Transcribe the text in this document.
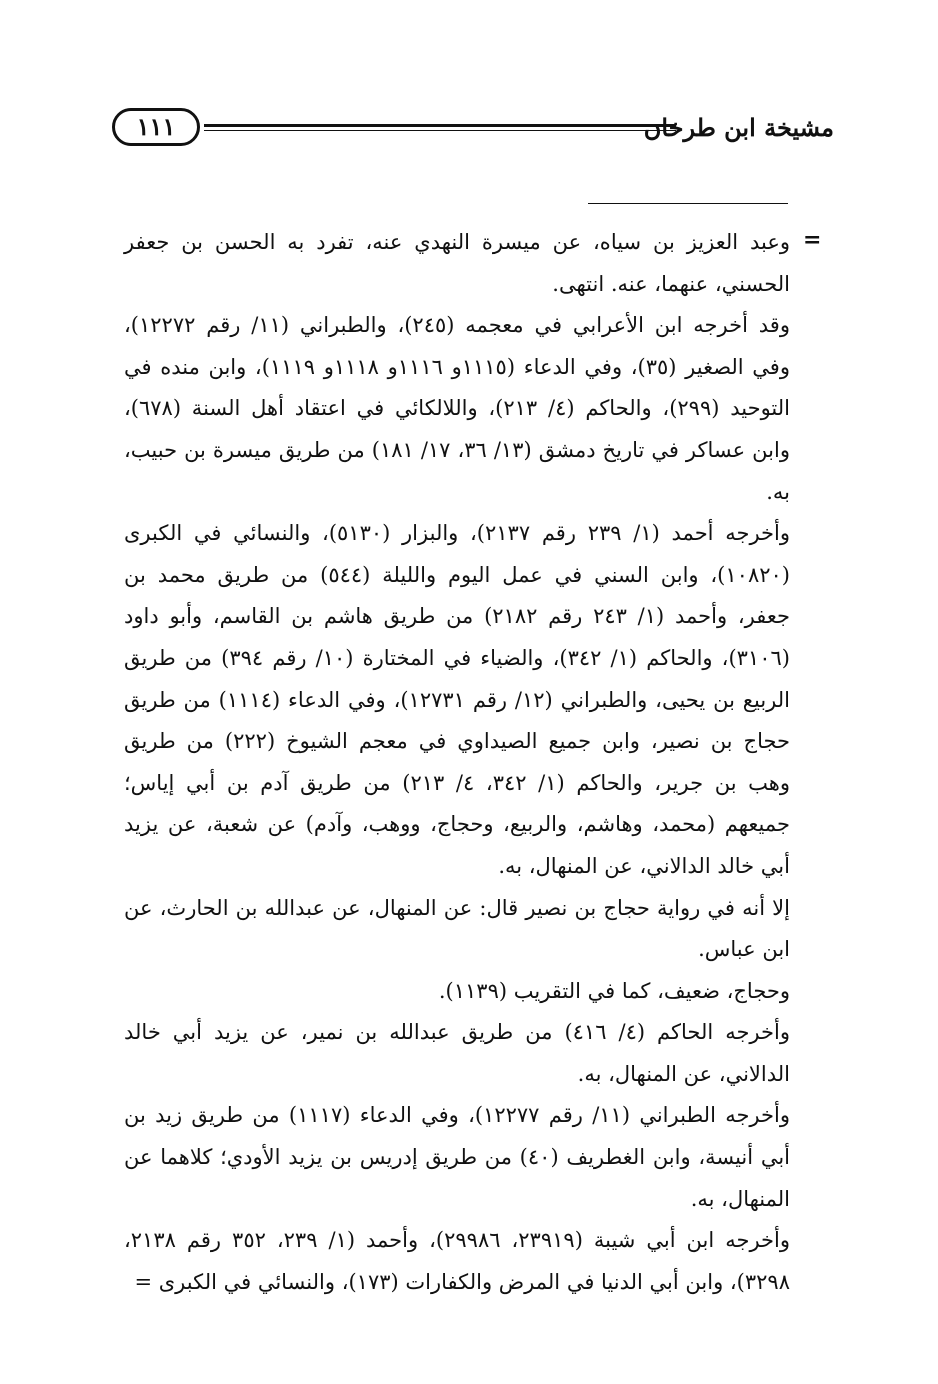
مشيخة ابن طرخان
١١١
=

وعبد العزيز بن سياه، عن ميسرة النهدي عنه، تفرد به الحسن بن جعفر الحسني، عنهما، عنه. انتهى.

وقد أخرجه ابن الأعرابي في معجمه (٢٤٥)، والطبراني (١١/ رقم ١٢٢٧٢)، وفي الصغير (٣٥)، وفي الدعاء (١١١٥و ١١١٦و ١١١٨و ١١١٩)، وابن منده في التوحيد (٢٩٩)، والحاكم (٤/ ٢١٣)، واللالكائي في اعتقاد أهل السنة (٦٧٨)، وابن عساكر في تاريخ دمشق (١٣/ ٣٦، ١٧/ ١٨١) من طريق ميسرة بن حبيب، به.

وأخرجه أحمد (١/ ٢٣٩ رقم ٢١٣٧)، والبزار (٥١٣٠)، والنسائي في الكبرى (١٠٨٢٠)، وابن السني في عمل اليوم والليلة (٥٤٤) من طريق محمد بن جعفر، وأحمد (١/ ٢٤٣ رقم ٢١٨٢) من طريق هاشم بن القاسم، وأبو داود (٣١٠٦)، والحاكم (١/ ٣٤٢)، والضياء في المختارة (١٠/ رقم ٣٩٤) من طريق الربيع بن يحيى، والطبراني (١٢/ رقم ١٢٧٣١)، وفي الدعاء (١١١٤) من طريق حجاج بن نصير، وابن جميع الصيداوي في معجم الشيوخ (٢٢٢) من طريق وهب بن جرير، والحاكم (١/ ٣٤٢، ٤/ ٢١٣) من طريق آدم بن أبي إياس؛ جميعهم (محمد، وهاشم، والربيع، وحجاج، ووهب، وآدم) عن شعبة، عن يزيد أبي خالد الدالاني، عن المنهال، به.

إلا أنه في رواية حجاج بن نصير قال: عن المنهال، عن عبدالله بن الحارث، عن ابن عباس.

وحجاج، ضعيف، كما في التقريب (١١٣٩).

وأخرجه الحاكم (٤/ ٤١٦) من طريق عبدالله بن نمير، عن يزيد أبي خالد الدالاني، عن المنهال، به.

وأخرجه الطبراني (١١/ رقم ١٢٢٧٧)، وفي الدعاء (١١١٧) من طريق زيد بن أبي أنيسة، وابن الغطريف (٤٠) من طريق إدريس بن يزيد الأودي؛ كلاهما عن المنهال، به.

وأخرجه ابن أبي شيبة (٢٣٩١٩، ٢٩٩٨٦)، وأحمد (١/ ٢٣٩، ٣٥٢ رقم ٢١٣٨، ٣٢٩٨)، وابن أبي الدنيا في المرض والكفارات (١٧٣)، والنسائي في الكبرى =
